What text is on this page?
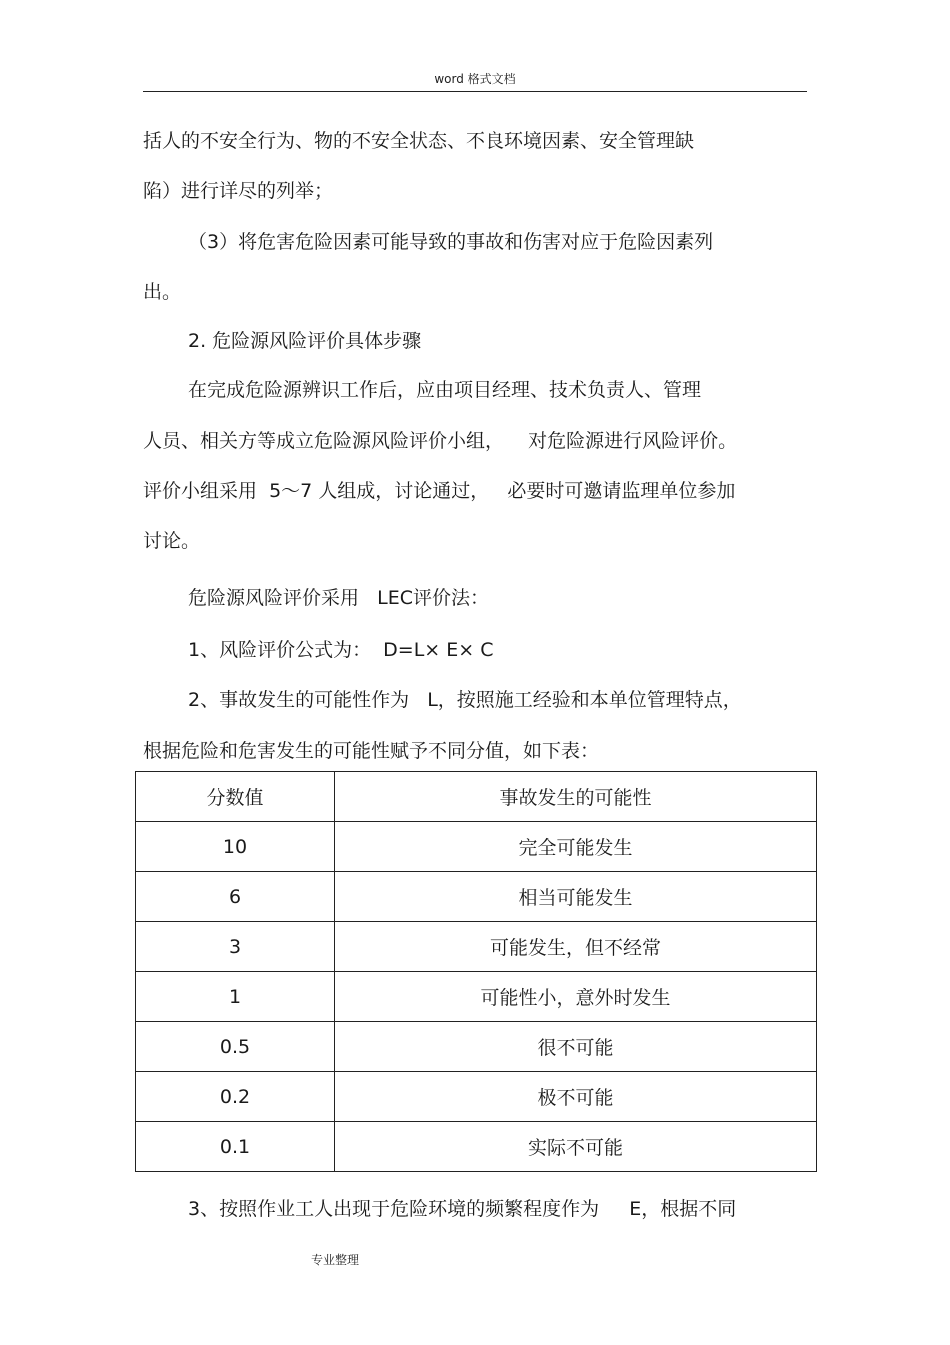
word 格式文档
括人的不安全行为、物的不安全状态、不良环境因素、安全管理缺
陷）进行详尽的列举；
（3）将危害危险因素可能导致的事故和伤害对应于危险因素列
出。
2. 危险源风险评价具体步骤
在完成危险源辨识工作后，应由项目经理、技术负责人、管理
人员、相关方等成立危险源风险评价小组，    对危险源进行风险评价。
评价小组采用  5～7 人组成，讨论通过，   必要时可邀请监理单位参加
讨论。
危险源风险评价采用   LEC评价法：
1、风险评价公式为：  D=L× E× C
2、事故发生的可能性作为   L，按照施工经验和本单位管理特点，
根据危险和危害发生的可能性赋予不同分值，如下表：
分数值	事故发生的可能性
10	完全可能发生
6	相当可能发生
3	可能发生，但不经常
1	可能性小，意外时发生
0.5	很不可能
0.2	极不可能
0.1	实际不可能
3、按照作业工人出现于危险环境的频繁程度作为     E，根据不同
专业整理
